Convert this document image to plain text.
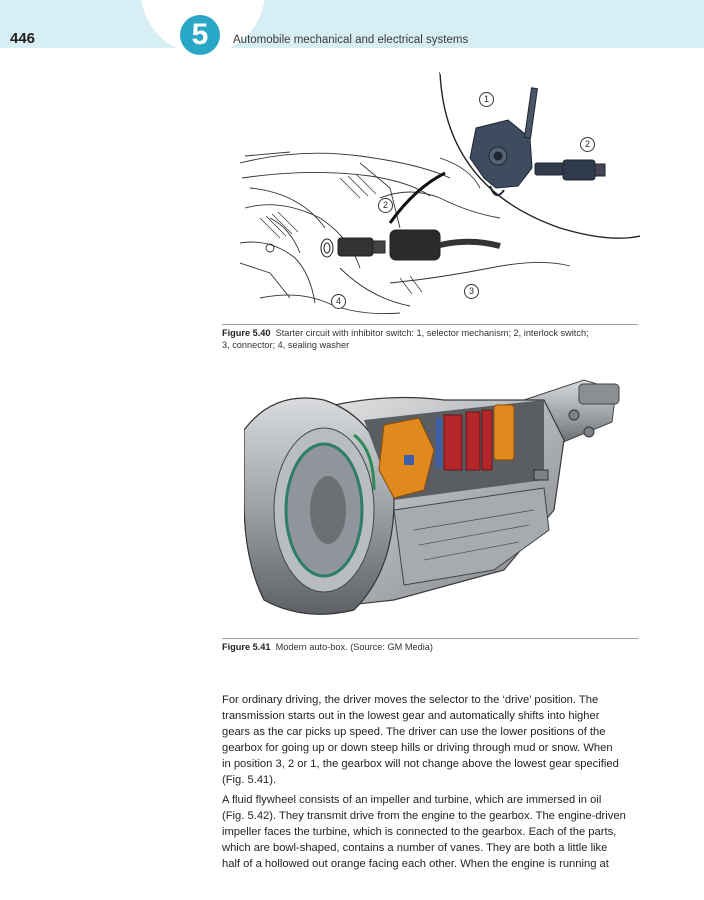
446	5	Automobile mechanical and electrical systems
1
2
2
3
4
Figure 5.40 Starter circuit with inhibitor switch: 1, selector mechanism; 2, interlock switch;
3, connector; 4, sealing washer
Figure 5.41 Modern auto-box. (Source: GM Media)
For ordinary driving, the driver moves the selector to the ‘drive’ position. The
transmission starts out in the lowest gear and automatically shifts into higher
gears as the car picks up speed. The driver can use the lower positions of the
gearbox for going up or down steep hills or driving through mud or snow. When
in position 3, 2 or 1, the gearbox will not change above the lowest gear specified
(Fig. 5.41).
A fluid flywheel consists of an impeller and turbine, which are immersed in oil
(Fig. 5.42). They transmit drive from the engine to the gearbox. The engine-driven
impeller faces the turbine, which is connected to the gearbox. Each of the parts,
which are bowl-shaped, contains a number of vanes. They are both a little like
half of a hollowed out orange facing each other. When the engine is running at
